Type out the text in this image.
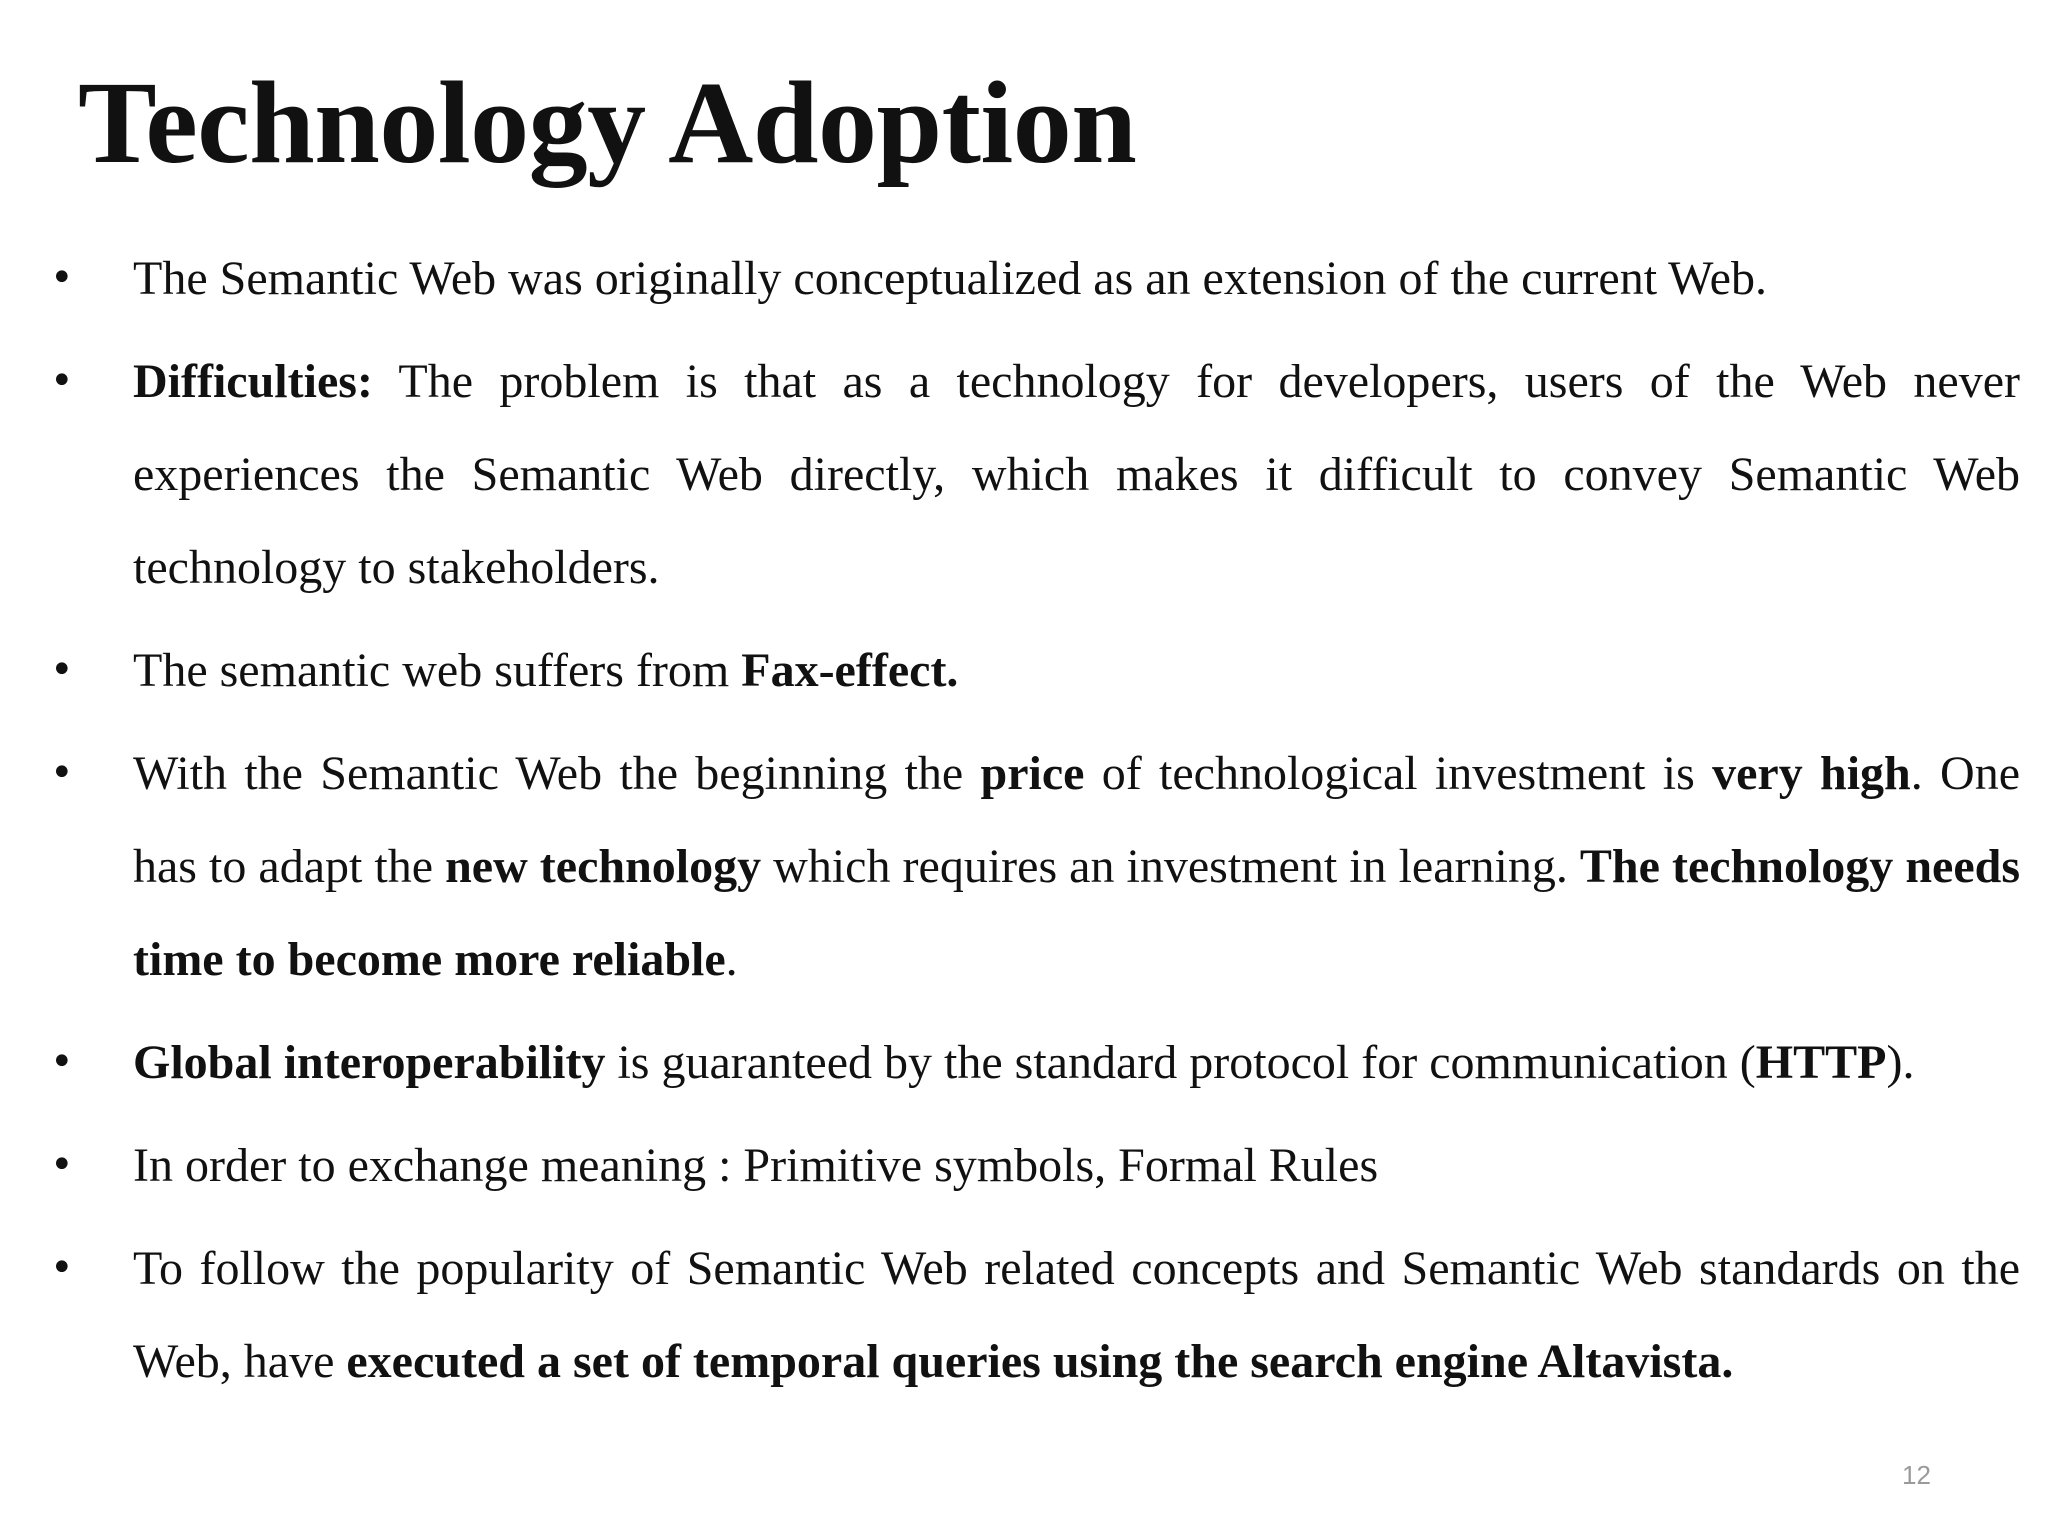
Technology Adoption
• The Semantic Web was originally conceptualized as an extension of the current Web.
• Difficulties: The problem is that as a technology for developers, users of the Web never experiences the Semantic Web directly, which makes it difficult to convey Semantic Web technology to stakeholders.
• The semantic web suffers from Fax-effect.
• With the Semantic Web the beginning the price of technological investment is very high. One has to adapt the new technology which requires an investment in learning. The technology needs time to become more reliable.
• Global interoperability is guaranteed by the standard protocol for communication (HTTP).
• In order to exchange meaning : Primitive symbols, Formal Rules
• To follow the popularity of Semantic Web related concepts and Semantic Web standards on the Web, have executed a set of temporal queries using the search engine Altavista.
12
